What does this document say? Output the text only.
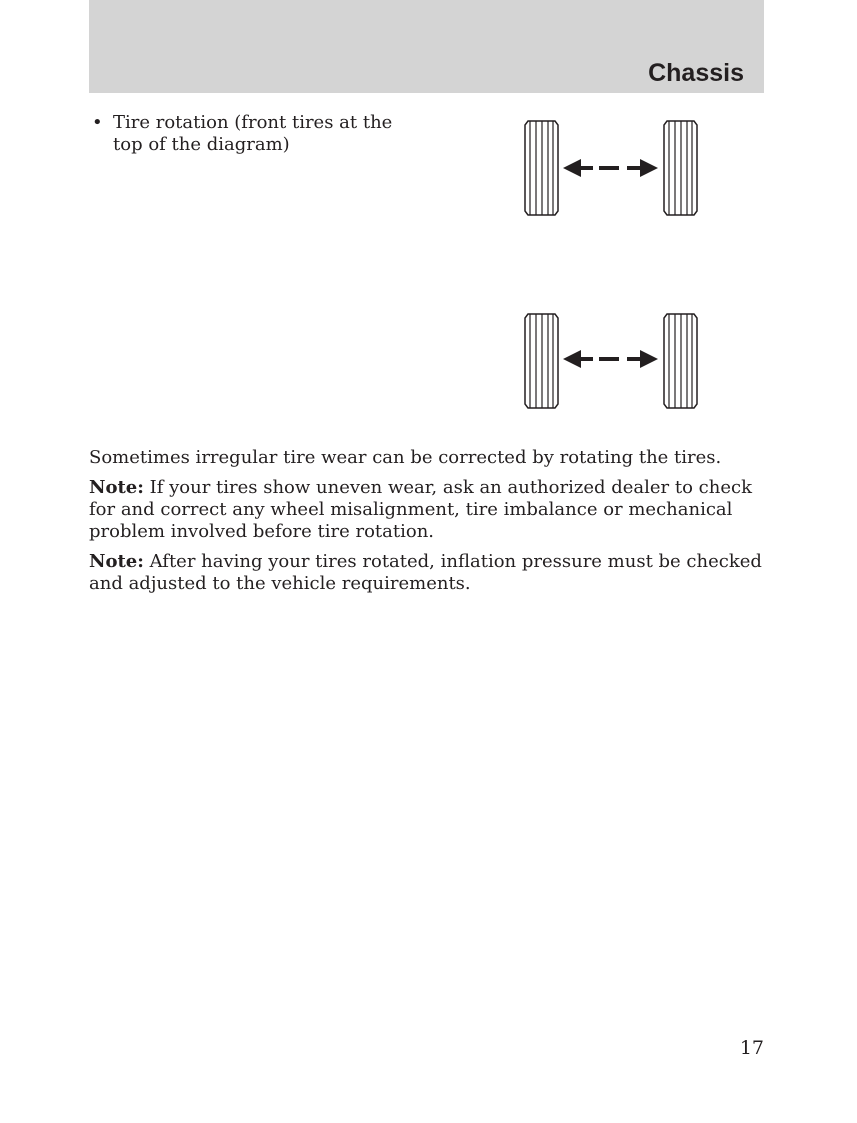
Chassis
• Tire rotation (front tires at the top of the diagram)
Sometimes irregular tire wear can be corrected by rotating the tires.
Note: If your tires show uneven wear, ask an authorized dealer to check for and correct any wheel misalignment, tire imbalance or mechanical problem involved before tire rotation.
Note: After having your tires rotated, inflation pressure must be checked and adjusted to the vehicle requirements.
17
